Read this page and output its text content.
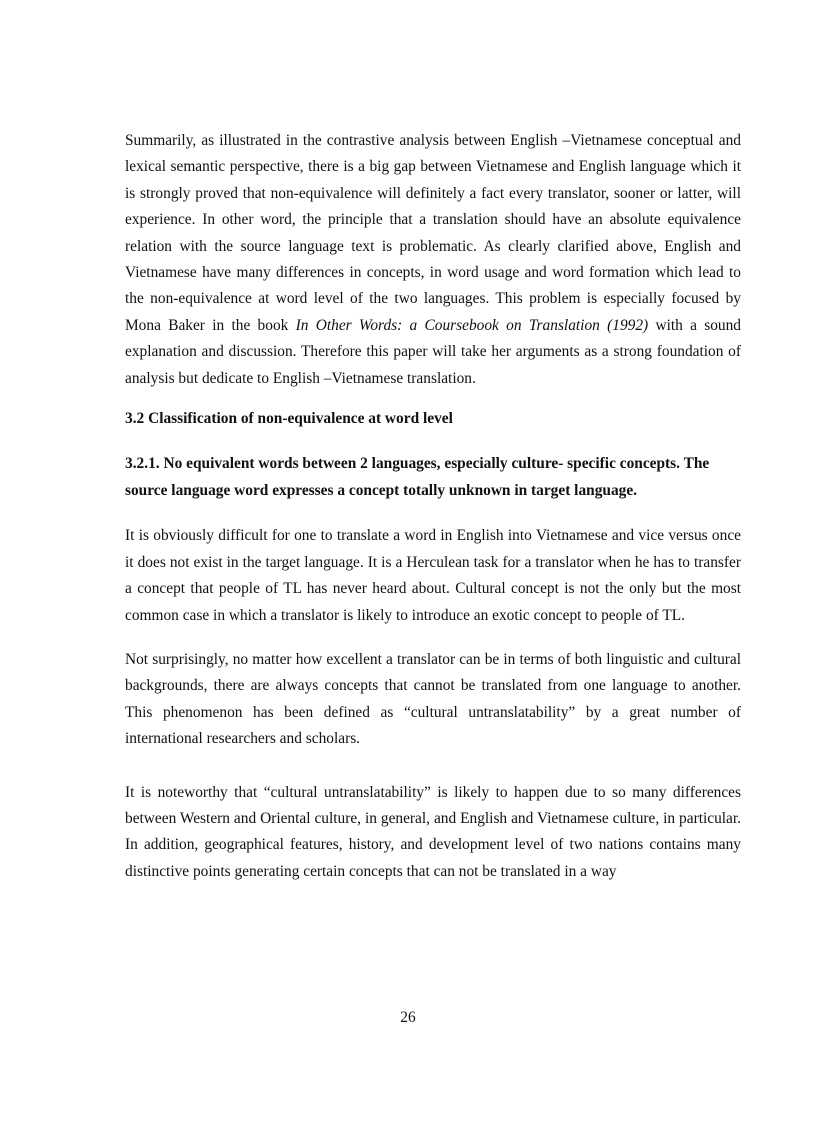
Summarily, as illustrated in the contrastive analysis between English –Vietnamese conceptual and lexical semantic perspective, there is a big gap between Vietnamese and English language which it is strongly proved that non-equivalence will definitely a fact every translator, sooner or latter, will experience. In other word, the principle that a translation should have an absolute equivalence relation with the source language text is problematic. As clearly clarified above, English and Vietnamese have many differences in concepts, in word usage and word formation which lead to the non-equivalence at word level of the two languages. This problem is especially focused by Mona Baker in the book In Other Words: a Coursebook on Translation (1992) with a sound explanation and discussion. Therefore this paper will take her arguments as a strong foundation of analysis but dedicate to English –Vietnamese translation.

3.2 Classification of non-equivalence at word level
3.2.1. No equivalent words between 2 languages, especially culture- specific concepts. The source language word expresses a concept totally unknown in target language.

It is obviously difficult for one to translate a word in English into Vietnamese and vice versus once it does not exist in the target language. It is a Herculean task for a translator when he has to transfer a concept that people of TL has never heard about. Cultural concept is not the only but the most common case in which a translator is likely to introduce an exotic concept to people of TL.

Not surprisingly, no matter how excellent a translator can be in terms of both linguistic and cultural backgrounds, there are always concepts that cannot be translated from one language to another. This phenomenon has been defined as “cultural untranslatability” by a great number of international researchers and scholars.

It is noteworthy that “cultural untranslatability” is likely to happen due to so many differences between Western and Oriental culture, in general, and English and Vietnamese culture, in particular. In addition, geographical features, history, and development level of two nations contains many distinctive points generating certain concepts that can not be translated in a way

26
